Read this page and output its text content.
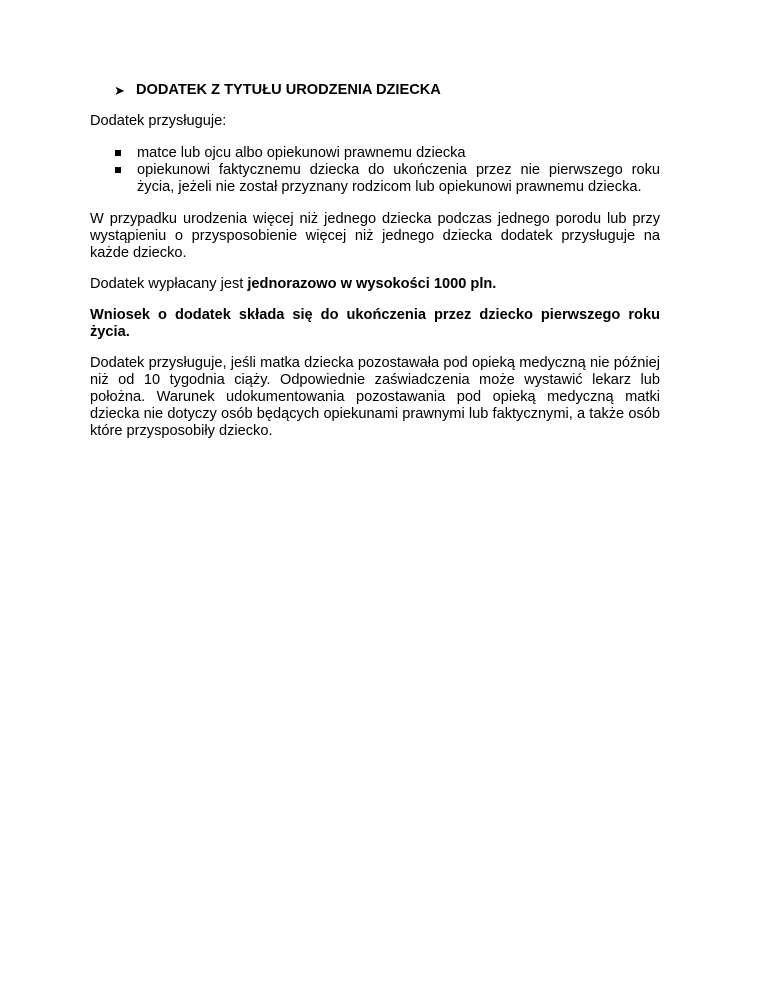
➤ DODATEK Z TYTUŁU URODZENIA DZIECKA

Dodatek przysługuje:

matce lub ojcu albo opiekunowi prawnemu dziecka
opiekunowi faktycznemu dziecka do ukończenia przez nie pierwszego roku życia, jeżeli nie został przyznany rodzicom lub opiekunowi prawnemu dziecka.

W przypadku urodzenia więcej niż jednego dziecka podczas jednego porodu lub przy wystąpieniu o przysposobienie więcej niż jednego dziecka dodatek przysługuje na każde dziecko.

Dodatek wypłacany jest jednorazowo w wysokości 1000 pln.

Wniosek o dodatek składa się do ukończenia przez dziecko pierwszego roku życia.

Dodatek przysługuje, jeśli matka dziecka pozostawała pod opieką medyczną nie później niż od 10 tygodnia ciąży. Odpowiednie zaświadczenia może wystawić lekarz lub położna. Warunek udokumentowania pozostawania pod opieką medyczną matki dziecka nie dotyczy osób będących opiekunami prawnymi lub faktycznymi, a także osób które przysposobiły dziecko.
